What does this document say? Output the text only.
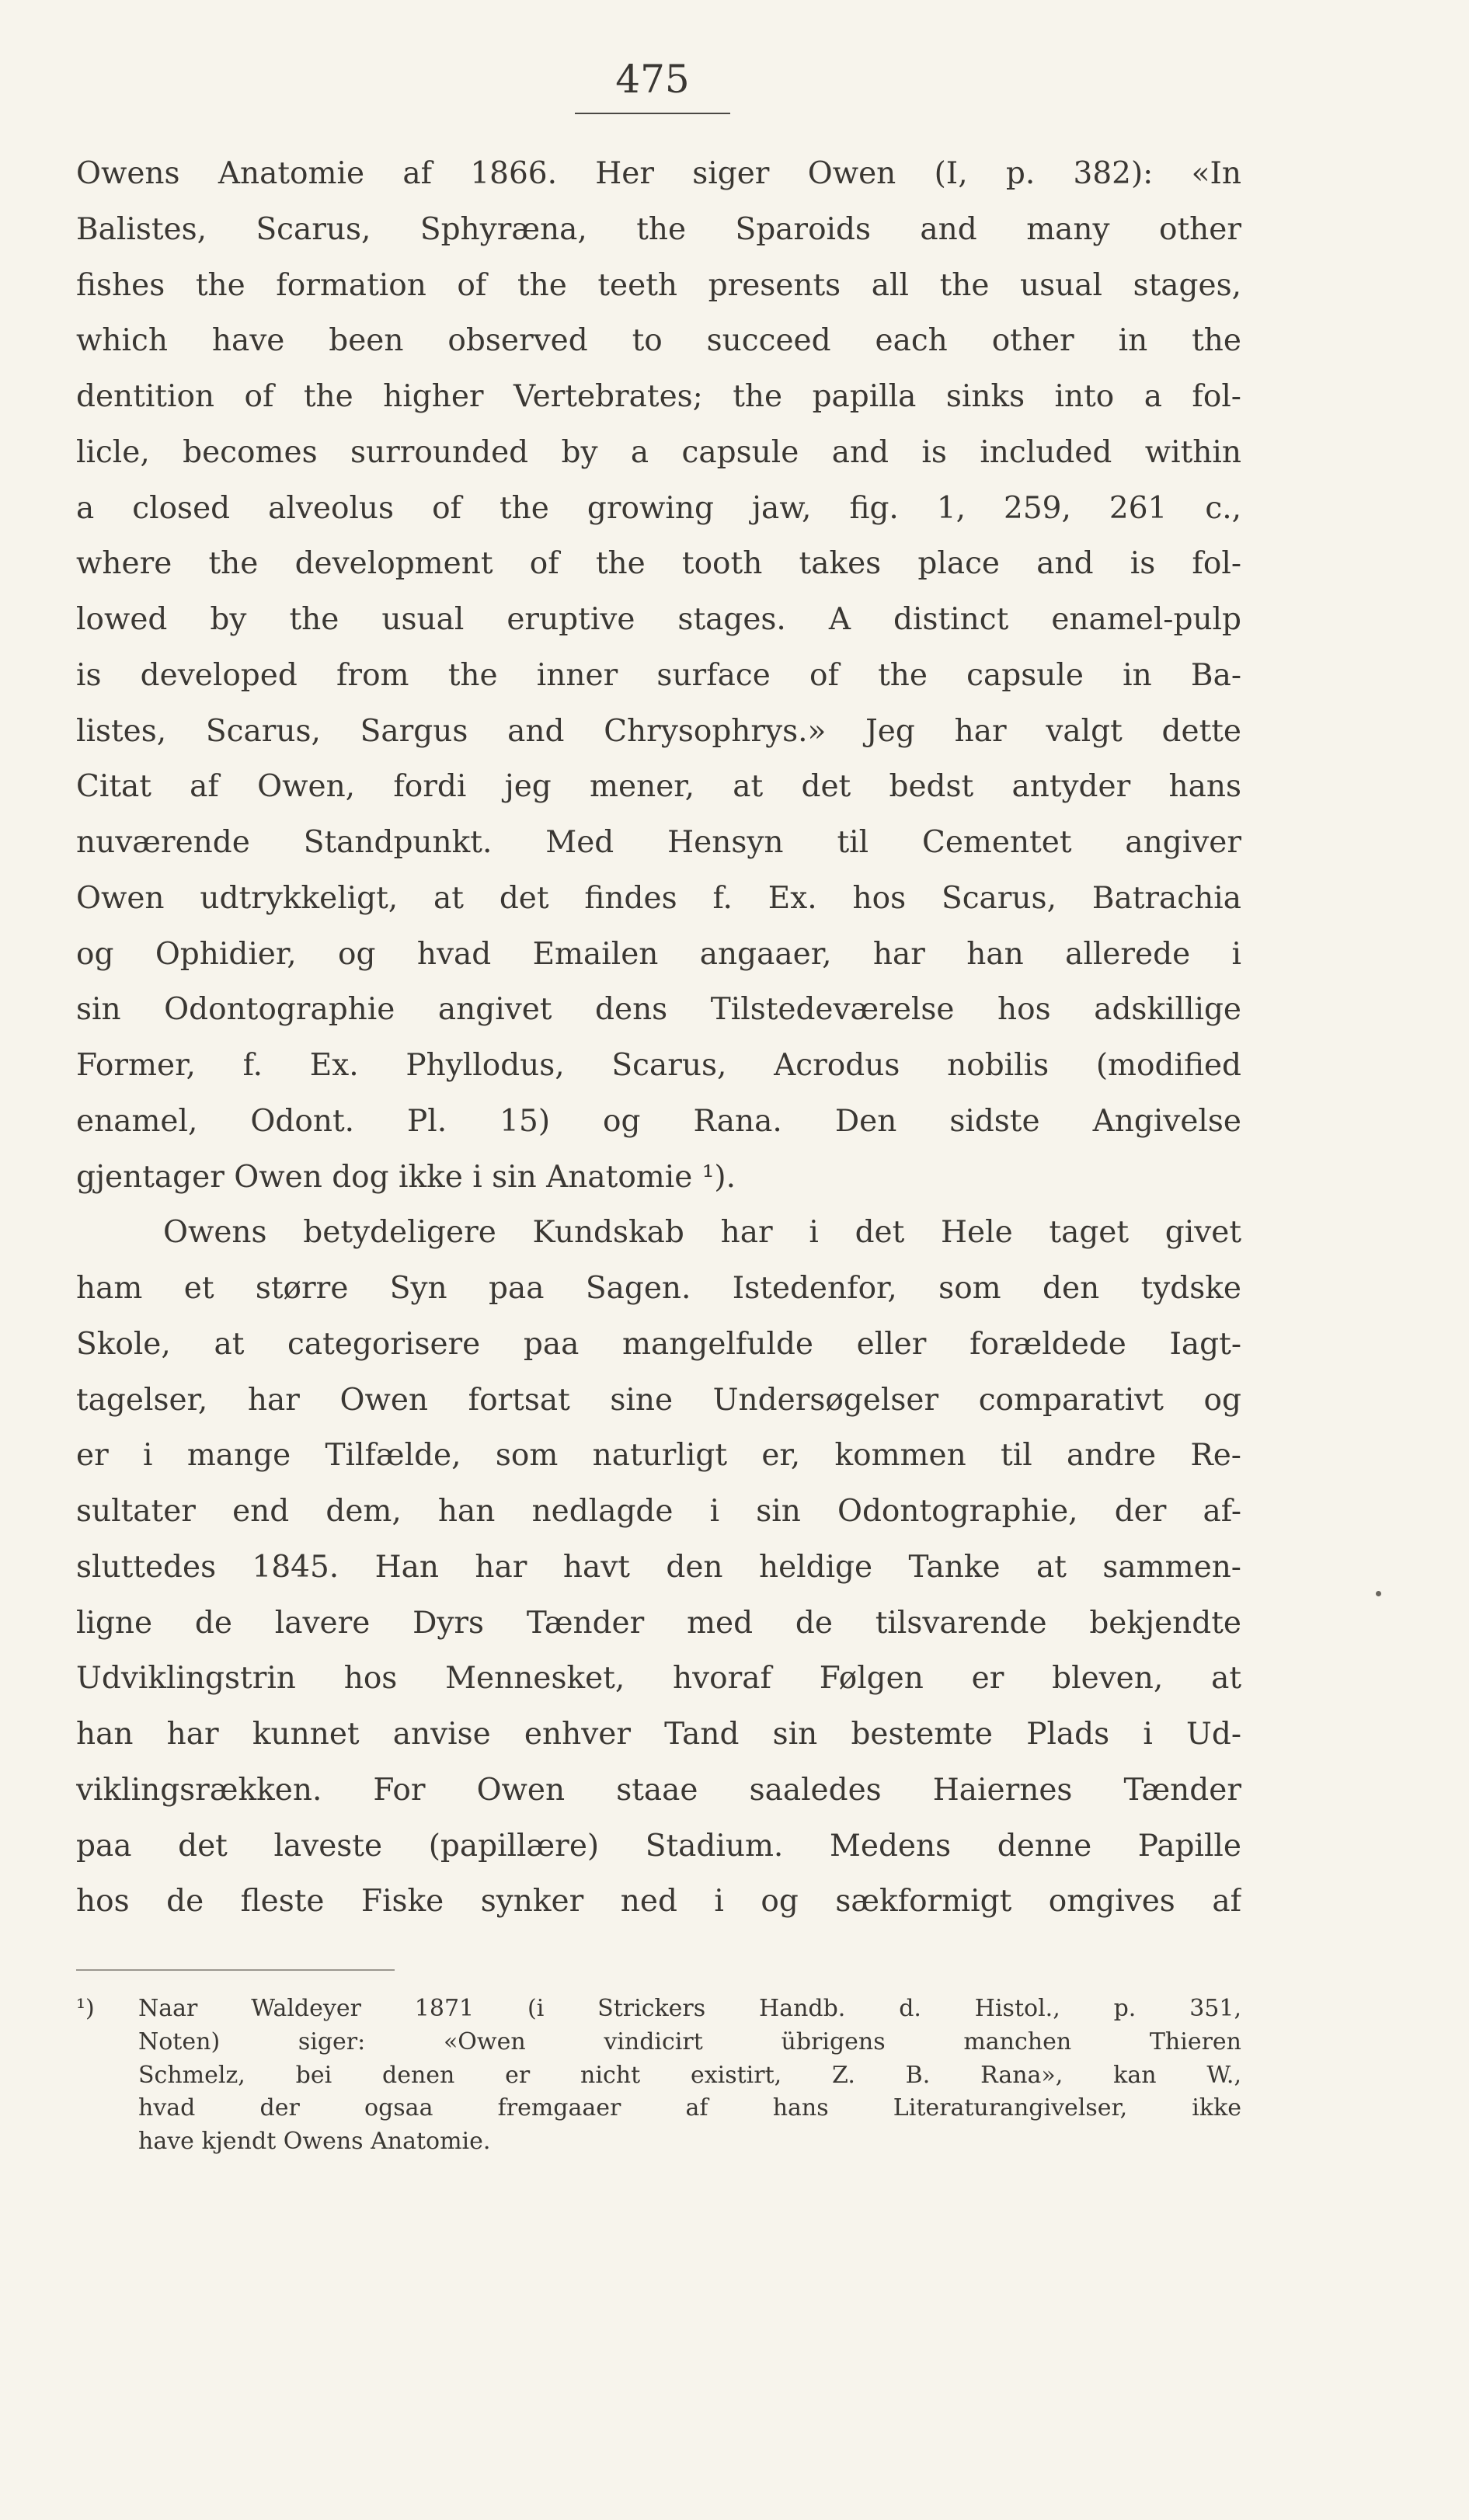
475
Owens Anatomie af 1866. Her siger Owen (I, p. 382): «In
Balistes, Scarus, Sphyræna, the Sparoids and many other
fishes the formation of the teeth presents all the usual stages,
which have been observed to succeed each other in the
dentition of the higher Vertebrates; the papilla sinks into a fol-
licle, becomes surrounded by a capsule and is included within
a closed alveolus of the growing jaw, fig. 1, 259, 261 c.,
where the development of the tooth takes place and is fol-
lowed by the usual eruptive stages. A distinct enamel-pulp
is developed from the inner surface of the capsule in Ba-
listes, Scarus, Sargus and Chrysophrys.» Jeg har valgt dette
Citat af Owen, fordi jeg mener, at det bedst antyder hans
nuværende Standpunkt. Med Hensyn til Cementet angiver
Owen udtrykkeligt, at det findes f. Ex. hos Scarus, Batrachia
og Ophidier, og hvad Emailen angaaer, har han allerede i
sin Odontographie angivet dens Tilstedeværelse hos adskillige
Former, f. Ex. Phyllodus, Scarus, Acrodus nobilis (modified
enamel, Odont. Pl. 15) og Rana. Den sidste Angivelse
gjentager Owen dog ikke i sin Anatomie ¹).
Owens betydeligere Kundskab har i det Hele taget givet
ham et større Syn paa Sagen. Istedenfor, som den tydske
Skole, at categorisere paa mangelfulde eller forældede Iagt-
tagelser, har Owen fortsat sine Undersøgelser comparativt og
er i mange Tilfælde, som naturligt er, kommen til andre Re-
sultater end dem, han nedlagde i sin Odontographie, der af-
sluttedes 1845. Han har havt den heldige Tanke at sammen-
ligne de lavere Dyrs Tænder med de tilsvarende bekjendte
Udviklingstrin hos Mennesket, hvoraf Følgen er bleven, at
han har kunnet anvise enhver Tand sin bestemte Plads i Ud-
viklingsrækken. For Owen staae saaledes Haiernes Tænder
paa det laveste (papillære) Stadium. Medens denne Papille
hos de fleste Fiske synker ned i og sækformigt omgives af
¹) Naar Waldeyer 1871 (i Strickers Handb. d. Histol., p. 351,
Noten) siger: «Owen vindicirt übrigens manchen Thieren
Schmelz, bei denen er nicht existirt, Z. B. Rana», kan W.,
hvad der ogsaa fremgaaer af hans Literaturangivelser, ikke
have kjendt Owens Anatomie.
